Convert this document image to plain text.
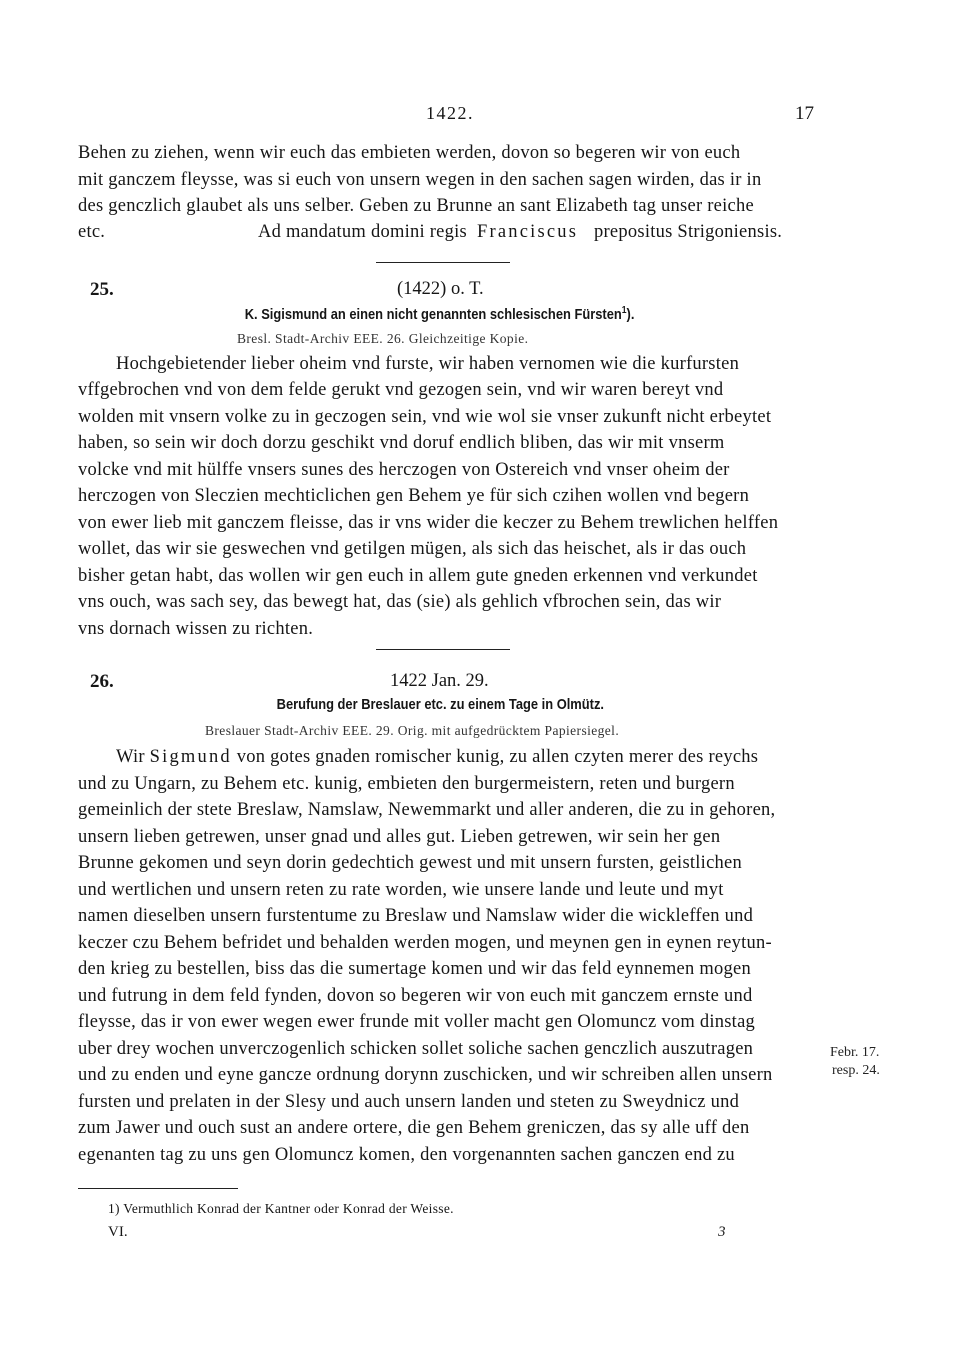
1422.	17
Behen zu ziehen, wenn wir euch das embieten werden, dovon so begeren wir von euch
mit ganczem fleysse, was si euch von unsern wegen in den sachen sagen wirden, das ir in
des genczlich glaubet als uns selber. Geben zu Brunne an sant Elizabeth tag unser reiche
etc.	Ad mandatum domini regis Franciscus prepositus Strigoniensis.
25.	(1422) o. T.
K. Sigismund an einen nicht genannten schlesischen Fürsten$^1$).
Bresl. Stadt-Archiv EEE. 26. Gleichzeitige Kopie.
Hochgebietender lieber oheim vnd furste, wir haben vernomen wie die kurfursten
vffgebrochen vnd von dem felde gerukt vnd gezogen sein, vnd wir waren bereyt vnd
wolden mit vnsern volke zu in geczogen sein, vnd wie wol sie vnser zukunft nicht erbeytet
haben, so sein wir doch dorzu geschikt vnd doruf endlich bliben, das wir mit vnserm
volcke vnd mit hülffe vnsers sunes des herczogen von Ostereich vnd vnser oheim der
herczogen von Sleczien mechticlichen gen Behem ye für sich czihen wollen vnd begern
von ewer lieb mit ganczem fleisse, das ir vns wider die keczer zu Behem trewlichen helffen
wollet, das wir sie geswechen vnd getilgen mügen, als sich das heischet, als ir das ouch
bisher getan habt, das wollen wir gen euch in allem gute gneden erkennen vnd verkundet
vns ouch, was sach sey, das bewegt hat, das (sie) als gehlich vfbrochen sein, das wir
vns dornach wissen zu richten.
26.	1422 Jan. 29.
Berufung der Breslauer etc. zu einem Tage in Olmütz.
Breslauer Stadt-Archiv EEE. 29. Orig. mit aufgedrücktem Papiersiegel.
Wir Sigmund von gotes gnaden romischer kunig, zu allen czyten merer des reychs
und zu Ungarn, zu Behem etc. kunig, embieten den burgermeistern, reten und burgern
gemeinlich der stete Breslaw, Namslaw, Newemmarkt und aller anderen, die zu in gehoren,
unsern lieben getrewen, unser gnad und alles gut. Lieben getrewen, wir sein her gen
Brunne gekomen und seyn dorin gedechtich gewest und mit unsern fursten, geistlichen
und wertlichen und unsern reten zu rate worden, wie unsere lande und leute und myt
namen dieselben unsern furstentume zu Breslaw und Namslaw wider die wickleffen und
keczer czu Behem befridet und behalden werden mogen, und meynen gen in eynen reytun-
den krieg zu bestellen, biss das die sumertage komen und wir das feld eynnemen mogen
und futrung in dem feld fynden, dovon so begeren wir von euch mit ganczem ernste und
fleysse, das ir von ewer wegen ewer frunde mit voller macht gen Olomuncz vom dinstag
uber drey wochen unverczogenlich schicken sollet soliche sachen genczlich auszutragen
und zu enden und eyne gancze ordnung dorynn zuschicken, und wir schreiben allen unsern
fursten und prelaten in der Slesy und auch unsern landen und steten zu Sweydnicz und
zum Jawer und ouch sust an andere ortere, die gen Behem greniczen, das sy alle uff den
egenanten tag zu uns gen Olomuncz komen, den vorgenannten sachen ganczen end zu
Febr. 17.
resp. 24.
1) Vermuthlich Konrad der Kantner oder Konrad der Weisse.
VI.	3
